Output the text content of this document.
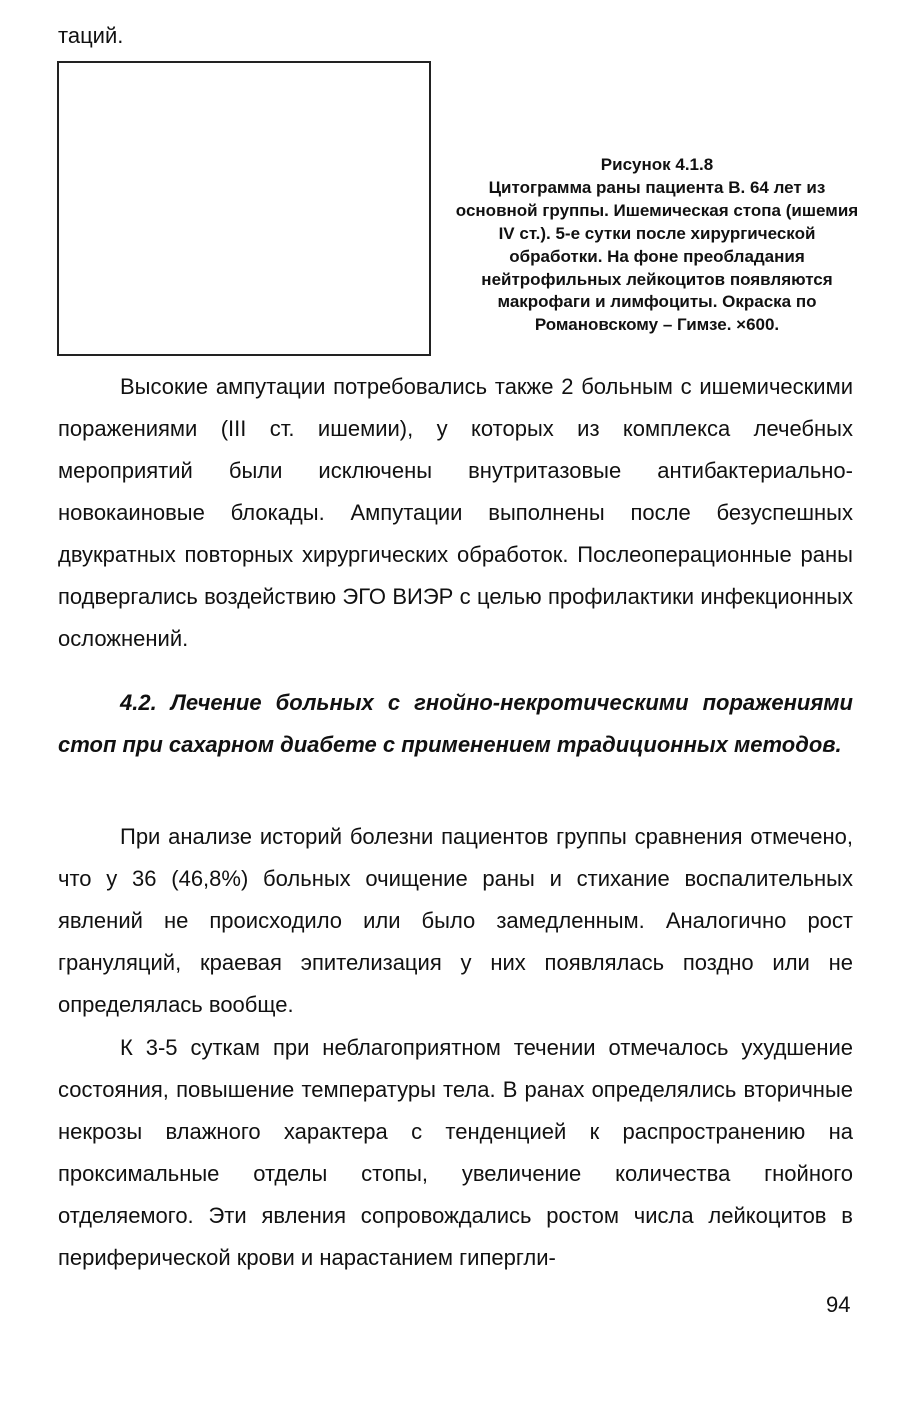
таций.

Рисунок 4.1.8
Цитограмма раны пациента В. 64 лет из основной группы. Ишемическая стопа (ишемия IV ст.). 5-е сутки после хирургической обработки. На фоне преобладания нейтрофильных лейкоцитов появляются макрофаги и лимфоциты. Окраска по Романовскому – Гимзе. ×600.

Высокие ампутации потребовались также 2 больным с ишемическими поражениями (III ст. ишемии), у которых из комплекса лечебных мероприятий были исключены внутритазовые антибактериально-новокаиновые блокады. Ампутации выполнены после безуспешных двукратных повторных хирургических обработок. Послеоперационные раны подвергались воздействию ЭГО ВИЭР с целью профилактики инфекционных осложнений.

4.2. Лечение больных с гнойно-некротическими поражениями стоп при сахарном диабете с применением традиционных методов.

При анализе историй болезни пациентов группы сравнения отмечено, что у 36 (46,8%) больных очищение раны и стихание воспалительных явлений не происходило или было замедленным. Аналогично рост грануляций, краевая эпителизация у них появлялась поздно или не определялась вообще.

К 3-5 суткам при неблагоприятном течении отмечалось ухудшение состояния, повышение температуры тела. В ранах определялись вторичные некрозы влажного характера с тенденцией к распространению на проксимальные отделы стопы, увеличение количества гнойного отделяемого. Эти явления сопровождались ростом числа лейкоцитов в периферической крови и нарастанием гипергли-

94
